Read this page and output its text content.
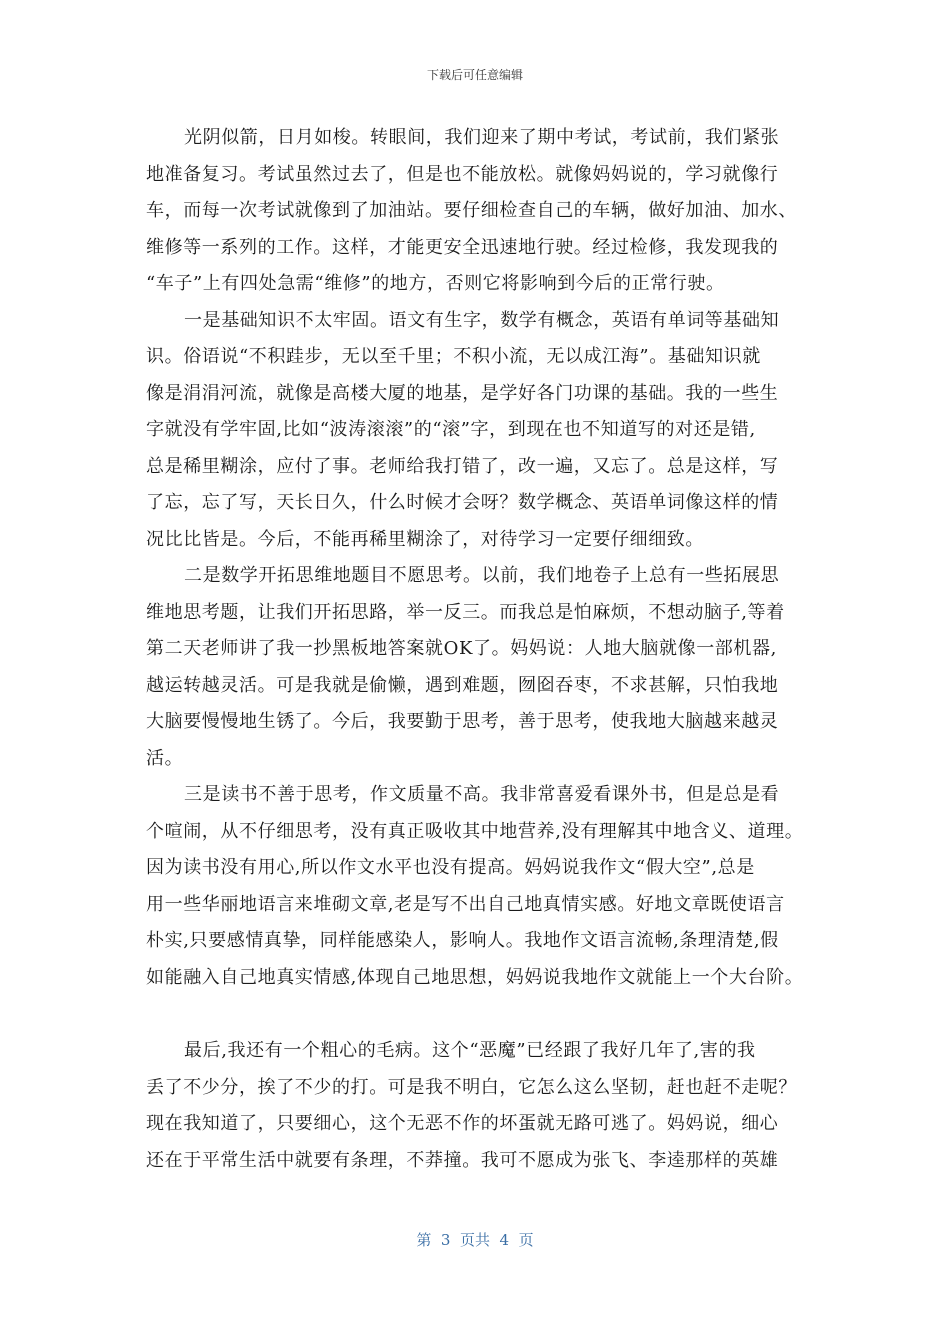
下载后可任意编辑
光阴似箭，日月如梭。转眼间，我们迎来了期中考试，考试前，我们紧张
地准备复习。考试虽然过去了，但是也不能放松。就像妈妈说的，学习就像行
车，而每一次考试就像到了加油站。要仔细检查自己的车辆，做好加油、加水、
维修等一系列的工作。这样，才能更安全迅速地行驶。经过检修，我发现我的
“车子”上有四处急需“维修”的地方，否则它将影响到今后的正常行驶。
一是基础知识不太牢固。语文有生字，数学有概念，英语有单词等基础知
识。俗语说“不积跬步，无以至千里；不积小流，无以成江海”。基础知识就
像是涓涓河流，就像是高楼大厦的地基，是学好各门功课的基础。我的一些生
字就没有学牢固,比如“波涛滚滚”的“滚”字，到现在也不知道写的对还是错,
总是稀里糊涂，应付了事。老师给我打错了，改一遍，又忘了。总是这样，写
了忘，忘了写，天长日久，什么时候才会呀？数学概念、英语单词像这样的情
况比比皆是。今后，不能再稀里糊涂了，对待学习一定要仔细细致。
二是数学开拓思维地题目不愿思考。以前，我们地卷子上总有一些拓展思
维地思考题，让我们开拓思路，举一反三。而我总是怕麻烦，不想动脑子,等着
第二天老师讲了我一抄黑板地答案就OK了。妈妈说：人地大脑就像一部机器,
越运转越灵活。可是我就是偷懒，遇到难题，囫囵吞枣，不求甚解，只怕我地
大脑要慢慢地生锈了。今后，我要勤于思考，善于思考，使我地大脑越来越灵
活。
三是读书不善于思考，作文质量不高。我非常喜爱看课外书，但是总是看
个喧闹，从不仔细思考，没有真正吸收其中地营养,没有理解其中地含义、道理。
因为读书没有用心,所以作文水平也没有提高。妈妈说我作文“假大空”,总是
用一些华丽地语言来堆砌文章,老是写不出自己地真情实感。好地文章既使语言
朴实,只要感情真挚，同样能感染人，影响人。我地作文语言流畅,条理清楚,假
如能融入自己地真实情感,体现自己地思想，妈妈说我地作文就能上一个大台阶。
最后,我还有一个粗心的毛病。这个“恶魔”已经跟了我好几年了,害的我
丢了不少分，挨了不少的打。可是我不明白，它怎么这么坚韧，赶也赶不走呢？
现在我知道了，只要细心，这个无恶不作的坏蛋就无路可逃了。妈妈说，细心
还在于平常生活中就要有条理，不莽撞。我可不愿成为张飞、李逵那样的英雄
第  3  页共  4  页
